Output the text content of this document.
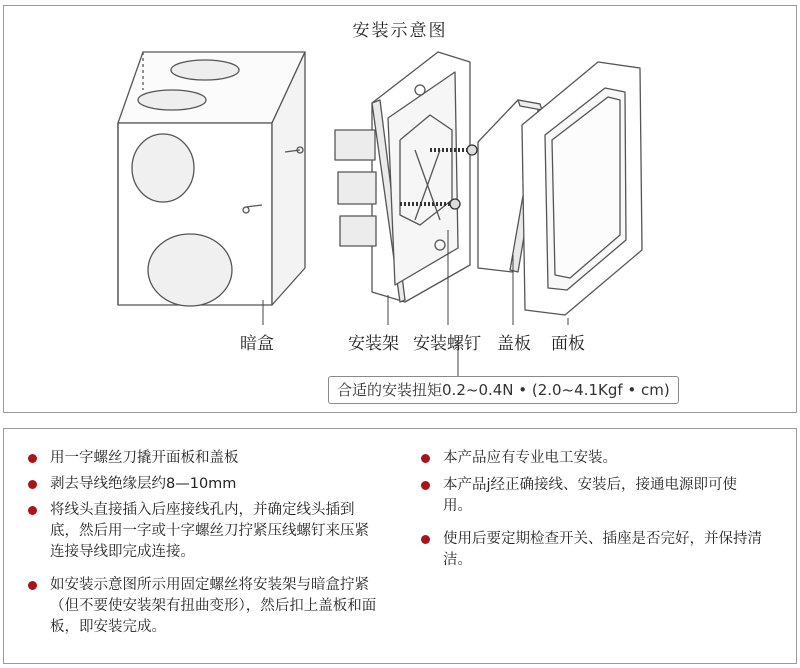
安装示意图
暗盒	安装架 安装螺钉 盖板 面板
合适的安装扭矩0.2~0.4N • (2.0~4.1Kgf • cm)
用一字螺丝刀撬开面板和盖板
剥去导线绝缘层约8—10mm
将线头直接插入后座接线孔内，并确定线头插到底，然后用一字或十字螺丝刀拧紧压线螺钉来压紧连接导线即完成连接。
如安装示意图所示用固定螺丝将安装架与暗盒拧紧（但不要使安装架有扭曲变形），然后扣上盖板和面板，即安装完成。
本产品应有专业电工安装。
本产品j经正确接线、安装后，接通电源即可使用。
使用后要定期检查开关、插座是否完好，并保持清洁。
